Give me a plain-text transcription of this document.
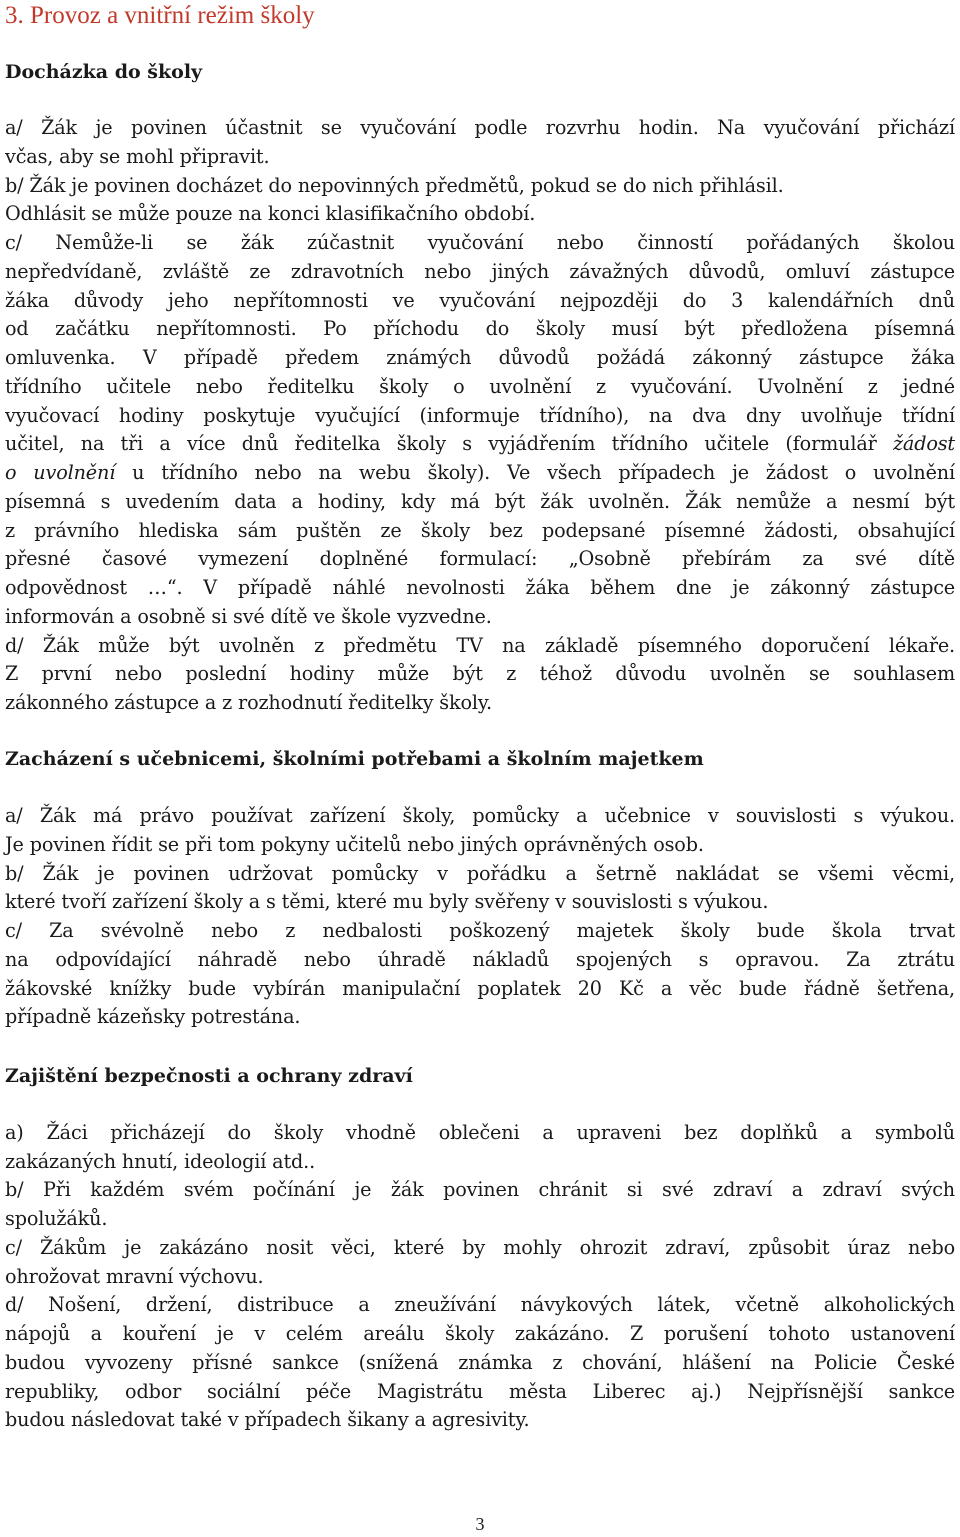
3. Provoz a vnitřní režim školy
Docházka do školy
a/ Žák je povinen účastnit se vyučování podle rozvrhu hodin. Na vyučování přichází
včas, aby se mohl připravit.
b/ Žák je povinen docházet do nepovinných předmětů, pokud se do nich přihlásil.
Odhlásit se může pouze na konci klasifikačního období.
c/ Nemůže-li se žák zúčastnit vyučování nebo činností pořádaných školou
nepředvídaně, zvláště ze zdravotních nebo jiných závažných důvodů, omluví zástupce
žáka důvody jeho nepřítomnosti ve vyučování nejpozději do 3 kalendářních dnů
od začátku nepřítomnosti. Po příchodu do školy musí být předložena písemná
omluvenka. V případě předem známých důvodů požádá zákonný zástupce žáka
třídního učitele nebo ředitelku školy o uvolnění z vyučování. Uvolnění z jedné
vyučovací hodiny poskytuje vyučující (informuje třídního), na dva dny uvolňuje třídní
učitel, na tři a více dnů ředitelka školy s vyjádřením třídního učitele (formulář žádost
o uvolnění u třídního nebo na webu školy). Ve všech případech je žádost o uvolnění
písemná s uvedením data a hodiny, kdy má být žák uvolněn. Žák nemůže a nesmí být
z právního hlediska sám puštěn ze školy bez podepsané písemné žádosti, obsahující
přesné časové vymezení doplněné formulací: „Osobně přebírám za své dítě
odpovědnost …“. V případě náhlé nevolnosti žáka během dne je zákonný zástupce
informován a osobně si své dítě ve škole vyzvedne.
d/ Žák může být uvolněn z předmětu TV na základě písemného doporučení lékaře.
Z první nebo poslední hodiny může být z téhož důvodu uvolněn se souhlasem
zákonného zástupce a z rozhodnutí ředitelky školy.
Zacházení s učebnicemi, školními potřebami a školním majetkem
a/ Žák má právo používat zařízení školy, pomůcky a učebnice v souvislosti s výukou.
Je povinen řídit se při tom pokyny učitelů nebo jiných oprávněných osob.
b/ Žák je povinen udržovat pomůcky v pořádku a šetrně nakládat se všemi věcmi,
které tvoří zařízení školy a s těmi, které mu byly svěřeny v souvislosti s výukou.
c/ Za svévolně nebo z nedbalosti poškozený majetek školy bude škola trvat
na odpovídající náhradě nebo úhradě nákladů spojených s opravou. Za ztrátu
žákovské knížky bude vybírán manipulační poplatek 20 Kč a věc bude řádně šetřena,
případně kázeňsky potrestána.
Zajištění bezpečnosti a ochrany zdraví
a) Žáci přicházejí do školy vhodně oblečeni a upraveni bez doplňků a symbolů
zakázaných hnutí, ideologií atd..
b/ Při každém svém počínání je žák povinen chránit si své zdraví a zdraví svých
spolužáků.
c/ Žákům je zakázáno nosit věci, které by mohly ohrozit zdraví, způsobit úraz nebo
ohrožovat mravní výchovu.
d/ Nošení, držení, distribuce a zneužívání návykových látek, včetně alkoholických
nápojů a kouření je v celém areálu školy zakázáno. Z porušení tohoto ustanovení
budou vyvozeny přísné sankce (snížená známka z chování, hlášení na Policie České
republiky, odbor sociální péče Magistrátu města Liberec aj.) Nejpřísnější sankce
budou následovat také v případech šikany a agresivity.
3
